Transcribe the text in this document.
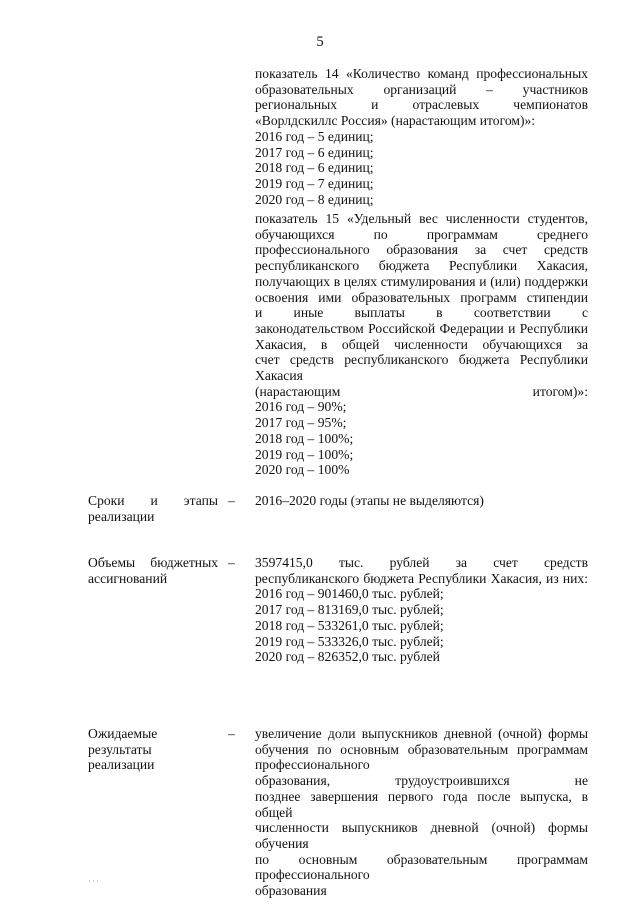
5
показатель 14 «Количество команд профессиональных
образовательных организаций – участников
региональных и отраслевых чемпионатов
«Ворлдскиллс Россия» (нарастающим итогом)»:
2016 год – 5 единиц;
2017 год – 6 единиц;
2018 год – 6 единиц;
2019 год – 7 единиц;
2020 год – 8 единиц;
показатель 15 «Удельный вес численности студентов,
обучающихся по программам среднего
профессионального образования за счет средств
республиканского бюджета Республики Хакасия,
получающих в целях стимулирования и (или) поддержки
освоения ими образовательных программ стипендии
и иные выплаты в соответствии с
законодательством Российской Федерации и Республики
Хакасия, в общей численности обучающихся за
счет средств республиканского бюджета Республики Хакасия
(нарастающим итогом)»:
2016 год – 90%;
2017 год – 95%;
2018 год – 100%;
2019 год – 100%;
2020 год – 100%
Сроки и этапы
реализации
– 2016–2020 годы (этапы не выделяются)
Объемы бюджетных
ассигнований
– 3597415,0 тыс. рублей за счет средств
республиканского бюджета Республики Хакасия, из них:
2016 год – 901460,0 тыс. рублей;
2017 год – 813169,0 тыс. рублей;
2018 год – 533261,0 тыс. рублей;
2019 год – 533326,0 тыс. рублей;
2020 год – 826352,0 тыс. рублей
Ожидаемые
результаты
реализации
– увеличение доли выпускников дневной (очной) формы
обучения по основным образовательным программам профессионального
образования, трудоустроившихся не
позднее завершения первого года после выпуска, в общей
численности выпускников дневной (очной) формы обучения
по основным образовательным программам профессионального
образования
···
